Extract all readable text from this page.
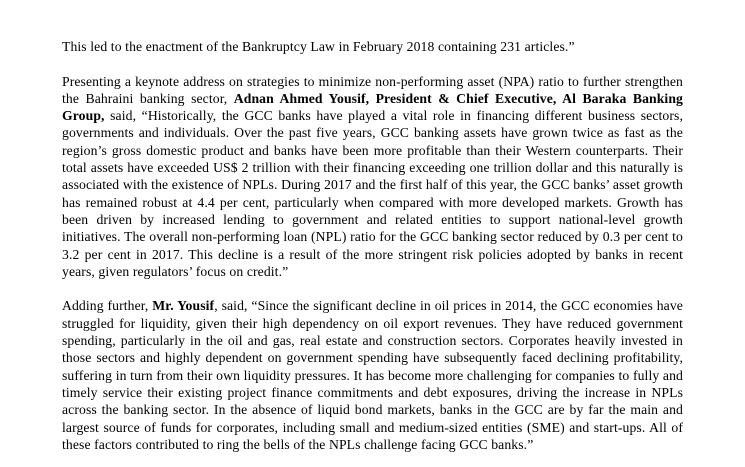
This led to the enactment of the Bankruptcy Law in February 2018 containing 231 articles.”

Presenting a keynote address on strategies to minimize non-performing asset (NPA) ratio to further strengthen the Bahraini banking sector, Adnan Ahmed Yousif, President & Chief Executive, Al Baraka Banking Group, said, “Historically, the GCC banks have played a vital role in financing different business sectors, governments and individuals. Over the past five years, GCC banking assets have grown twice as fast as the region’s gross domestic product and banks have been more profitable than their Western counterparts. Their total assets have exceeded US$ 2 trillion with their financing exceeding one trillion dollar and this naturally is associated with the existence of NPLs. During 2017 and the first half of this year, the GCC banks’ asset growth has remained robust at 4.4 per cent, particularly when compared with more developed markets. Growth has been driven by increased lending to government and related entities to support national-level growth initiatives. The overall non-performing loan (NPL) ratio for the GCC banking sector reduced by 0.3 per cent to 3.2 per cent in 2017. This decline is a result of the more stringent risk policies adopted by banks in recent years, given regulators’ focus on credit.”

Adding further, Mr. Yousif, said, “Since the significant decline in oil prices in 2014, the GCC economies have struggled for liquidity, given their high dependency on oil export revenues. They have reduced government spending, particularly in the oil and gas, real estate and construction sectors. Corporates heavily invested in those sectors and highly dependent on government spending have subsequently faced declining profitability, suffering in turn from their own liquidity pressures. It has become more challenging for companies to fully and timely service their existing project finance commitments and debt exposures, driving the increase in NPLs across the banking sector. In the absence of liquid bond markets, banks in the GCC are by far the main and largest source of funds for corporates, including small and medium-sized entities (SME) and start-ups. All of these factors contributed to ring the bells of the NPLs challenge facing GCC banks.”
